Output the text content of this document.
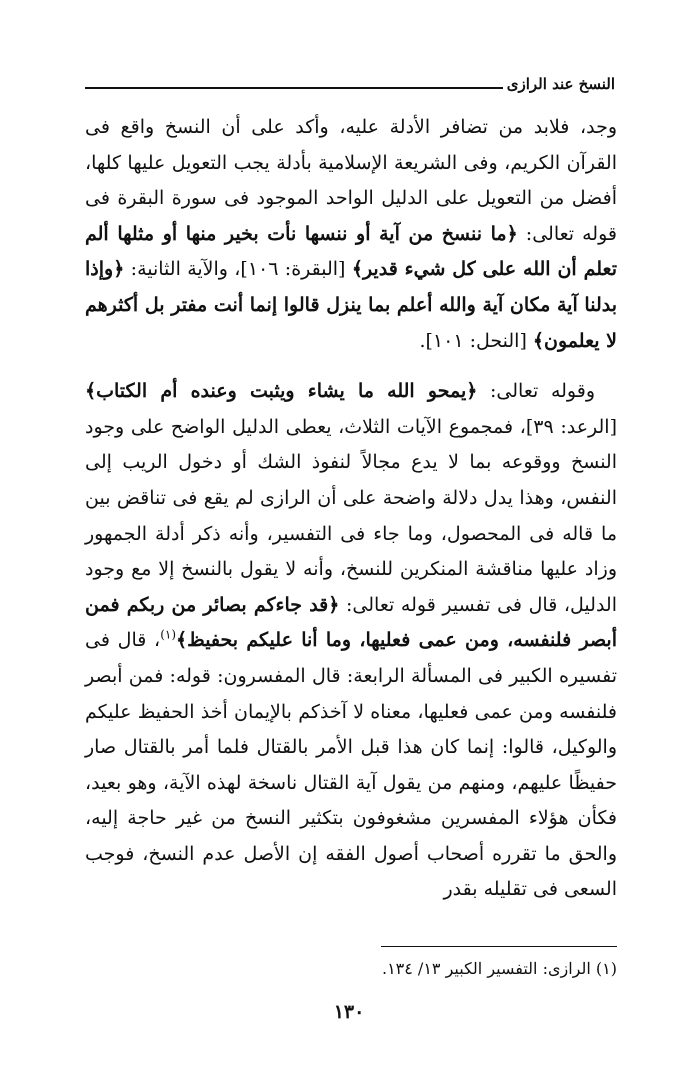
النسخ عند الرازى

وجد، فلابد من تضافر الأدلة عليه، وأكد على أن النسخ واقع فى القرآن الكريم، وفى الشريعة الإسلامية بأدلة يجب التعويل عليها كلها، أفضل من التعويل على الدليل الواحد الموجود فى سورة البقرة فى قوله تعالى: ﴿ما ننسخ من آية أو ننسها نأت بخير منها أو مثلها ألم تعلم أن الله على كل شيء قدير﴾ [البقرة: ١٠٦]، والآية الثانية: ﴿وإذا بدلنا آية مكان آية والله أعلم بما ينزل قالوا إنما أنت مفتر بل أكثرهم لا يعلمون﴾ [النحل: ١٠١].

وقوله تعالى: ﴿يمحو الله ما يشاء ويثبت وعنده أم الكتاب﴾ [الرعد: ٣٩]، فمجموع الآيات الثلاث، يعطى الدليل الواضح على وجود النسخ ووقوعه بما لا يدع مجالاً لنفوذ الشك أو دخول الريب إلى النفس، وهذا يدل دلالة واضحة على أن الرازى لم يقع فى تناقض بين ما قاله فى المحصول، وما جاء فى التفسير، وأنه ذكر أدلة الجمهور وزاد عليها مناقشة المنكرين للنسخ، وأنه لا يقول بالنسخ إلا مع وجود الدليل، قال فى تفسير قوله تعالى: ﴿قد جاءكم بصائر من ربكم فمن أبصر فلنفسه، ومن عمى فعليها، وما أنا عليكم بحفيظ﴾$^{(١)}$، قال فى تفسيره الكبير فى المسألة الرابعة: قال المفسرون: قوله: فمن أبصر فلنفسه ومن عمى فعليها، معناه لا آخذكم بالإيمان أخذ الحفيظ عليكم والوكيل، قالوا: إنما كان هذا قبل الأمر بالقتال فلما أمر بالقتال صار حفيظًا عليهم، ومنهم من يقول آية القتال ناسخة لهذه الآية، وهو بعيد، فكأن هؤلاء المفسرين مشغوفون بتكثير النسخ من غير حاجة إليه، والحق ما تقرره أصحاب أصول الفقه إن الأصل عدم النسخ، فوجب السعى فى تقليله بقدر

(١) الرازى: التفسير الكبير ١٣/ ١٣٤.
١٣٠
